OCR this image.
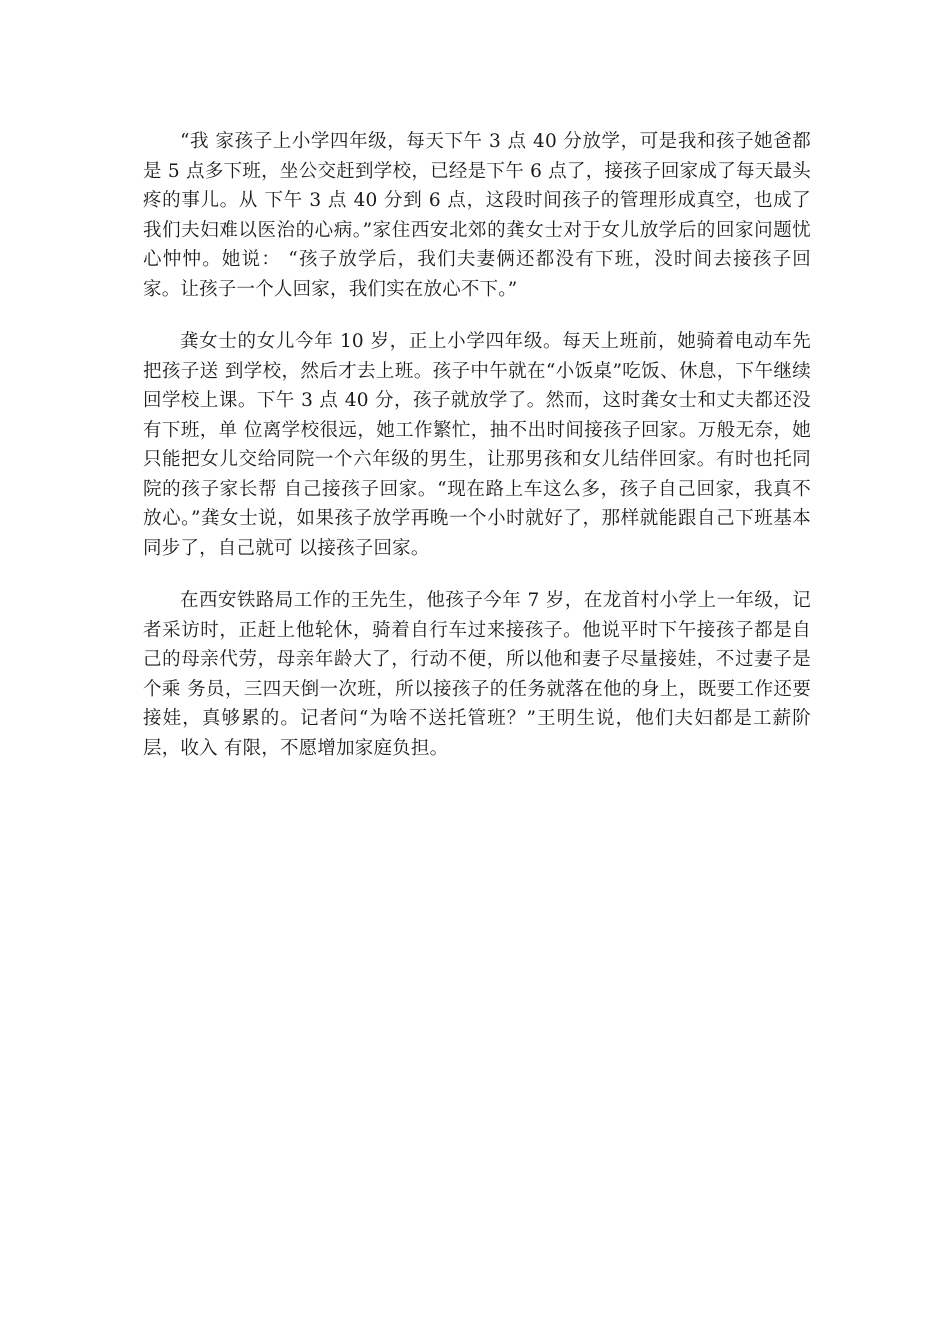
“我 家孩子上小学四年级，每天下午 3 点 40 分放学，可是我和孩子她爸都是 5 点多下班，坐公交赶到学校，已经是下午 6 点了，接孩子回家成了每天最头疼的事儿。从 下午 3 点 40 分到 6 点，这段时间孩子的管理形成真空，也成了我们夫妇难以医治的心病。”家住西安北郊的龚女士对于女儿放学后的回家问题忧心忡忡。她说： “孩子放学后，我们夫妻俩还都没有下班，没时间去接孩子回家。让孩子一个人回家，我们实在放心不下。”

龚女士的女儿今年 10 岁，正上小学四年级。每天上班前，她骑着电动车先把孩子送 到学校，然后才去上班。孩子中午就在“小饭桌”吃饭、休息，下午继续回学校上课。下午 3 点 40 分，孩子就放学了。然而，这时龚女士和丈夫都还没有下班，单 位离学校很远，她工作繁忙，抽不出时间接孩子回家。万般无奈，她只能把女儿交给同院一个六年级的男生，让那男孩和女儿结伴回家。有时也托同院的孩子家长帮 自己接孩子回家。“现在路上车这么多，孩子自己回家，我真不放心。”龚女士说，如果孩子放学再晚一个小时就好了，那样就能跟自己下班基本同步了，自己就可 以接孩子回家。

在西安铁路局工作的王先生，他孩子今年 7 岁，在龙首村小学上一年级，记 者采访时，正赶上他轮休，骑着自行车过来接孩子。他说平时下午接孩子都是自己的母亲代劳，母亲年龄大了，行动不便，所以他和妻子尽量接娃，不过妻子是个乘 务员，三四天倒一次班，所以接孩子的任务就落在他的身上，既要工作还要接娃，真够累的。记者问“为啥不送托管班？”王明生说，他们夫妇都是工薪阶层，收入 有限，不愿增加家庭负担。
